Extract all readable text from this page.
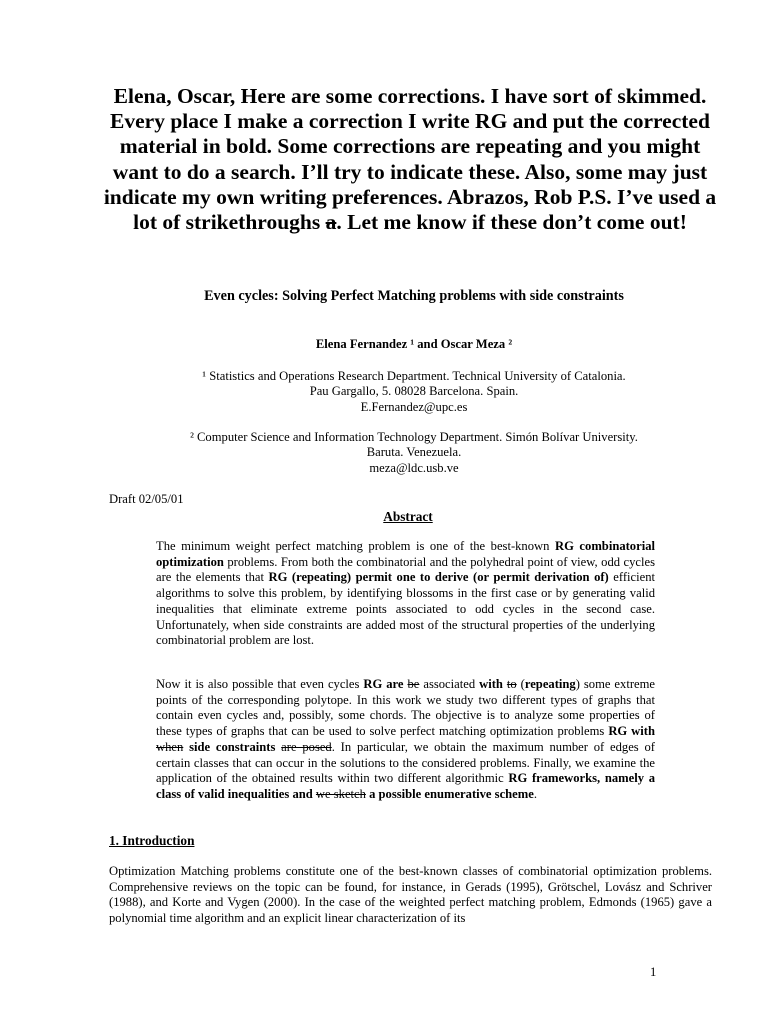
Elena, Oscar, Here are some corrections. I have sort of skimmed. Every place I make a correction I write RG and put the corrected material in bold. Some corrections are repeating and you might want to do a search. I’ll try to indicate these. Also, some may just indicate my own writing preferences. Abrazos, Rob P.S. I’ve used a lot of strikethroughs a. Let me know if these don’t come out!
Even cycles: Solving Perfect Matching problems with side constraints
Elena Fernandez ¹ and Oscar Meza ²
¹ Statistics and Operations Research Department. Technical University of Catalonia.
Pau Gargallo, 5. 08028 Barcelona. Spain.
E.Fernandez@upc.es
² Computer Science and Information Technology Department. Simón Bolívar University.
Baruta. Venezuela.
meza@ldc.usb.ve
Draft 02/05/01
Abstract
The minimum weight perfect matching problem is one of the best-known RG combinatorial optimization problems. From both the combinatorial and the polyhedral point of view, odd cycles are the elements that RG (repeating) permit one to derive (or permit derivation of) efficient algorithms to solve this problem, by identifying blossoms in the first case or by generating valid inequalities that eliminate extreme points associated to odd cycles in the second case. Unfortunately, when side constraints are added most of the structural properties of the underlying combinatorial problem are lost.
Now it is also possible that even cycles RG are be associated with to (repeating) some extreme points of the corresponding polytope. In this work we study two different types of graphs that contain even cycles and, possibly, some chords. The objective is to analyze some properties of these types of graphs that can be used to solve perfect matching optimization problems RG with when side constraints are posed. In particular, we obtain the maximum number of edges of certain classes that can occur in the solutions to the considered problems. Finally, we examine the application of the obtained results within two different algorithmic RG frameworks, namely a class of valid inequalities and we sketch a possible enumerative scheme.
1. Introduction
Optimization Matching problems constitute one of the best-known classes of combinatorial optimization problems. Comprehensive reviews on the topic can be found, for instance, in Gerads (1995), Grötschel, Lovász and Schriver (1988), and Korte and Vygen (2000). In the case of the weighted perfect matching problem, Edmonds (1965) gave a polynomial time algorithm and an explicit linear characterization of its
1
